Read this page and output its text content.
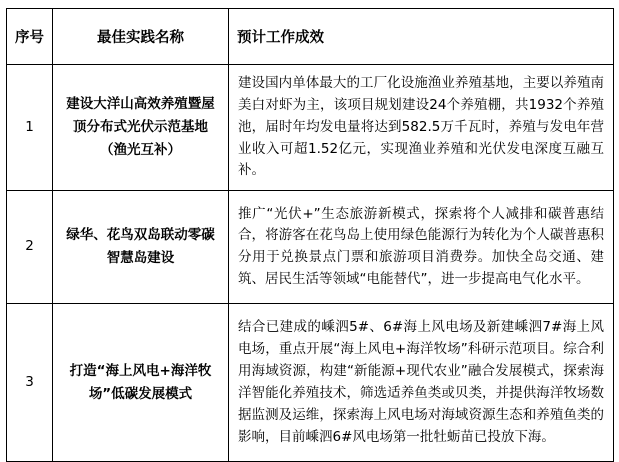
序号	最佳实践名称	预计工作成效
1	建设大洋山高效养殖暨屋顶分布式光伏示范基地（渔光互补）	建设国内单体最大的工厂化设施渔业养殖基地，主要以养殖南美白对虾为主，该项目规划建设24个养殖棚，共1932个养殖池，届时年均发电量将达到582.5万千瓦时，养殖与发电年营业收入可超1.52亿元，实现渔业养殖和光伏发电深度互融互补。
2	绿华、花鸟双岛联动零碳智慧岛建设	推广“光伏+”生态旅游新模式，探索将个人减排和碳普惠结合，将游客在花鸟岛上使用绿色能源行为转化为个人碳普惠积分用于兑换景点门票和旅游项目消费券。加快全岛交通、建筑、居民生活等领域“电能替代”，进一步提高电气化水平。
3	打造“海上风电+海洋牧场”低碳发展模式	结合已建成的嵊泗5#、6#海上风电场及新建嵊泗7#海上风电场，重点开展“海上风电+海洋牧场”科研示范项目。综合利用海域资源，构建“新能源+现代农业”融合发展模式，探索海洋智能化养殖技术，筛选适养鱼类或贝类，并提供海洋牧场数据监测及运维，探索海上风电场对海域资源生态和养殖鱼类的影响，目前嵊泗6#风电场第一批牡蛎苗已投放下海。
